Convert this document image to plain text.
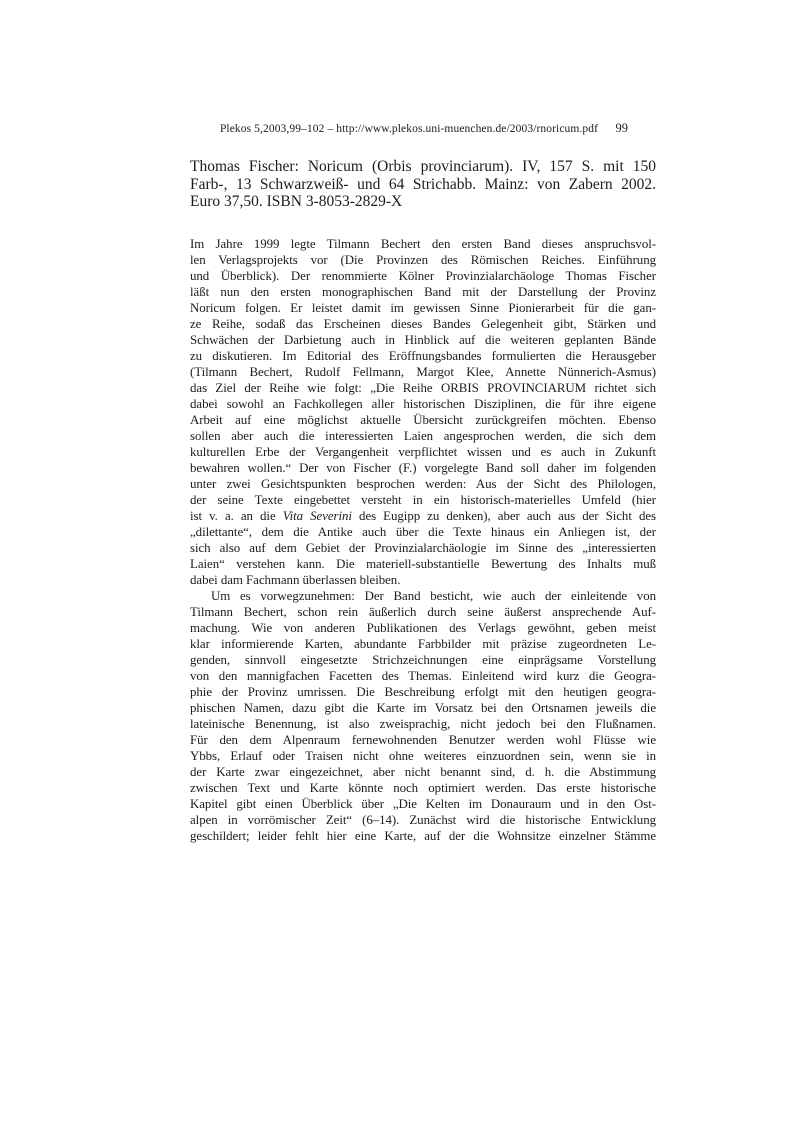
Plekos 5,2003,99–102 – http://www.plekos.uni-muenchen.de/2003/rnoricum.pdf	99
Thomas Fischer: Noricum (Orbis provinciarum). IV, 157 S. mit 150
Farb-, 13 Schwarzweiß- und 64 Strichabb. Mainz: von Zabern 2002.
Euro 37,50. ISBN 3-8053-2829-X
Im Jahre 1999 legte Tilmann Bechert den ersten Band dieses anspruchsvol-
len Verlagsprojekts vor (Die Provinzen des Römischen Reiches. Einführung
und Überblick). Der renommierte Kölner Provinzialarchäologe Thomas Fischer
läßt nun den ersten monographischen Band mit der Darstellung der Provinz
Noricum folgen. Er leistet damit im gewissen Sinne Pionierarbeit für die gan-
ze Reihe, sodaß das Erscheinen dieses Bandes Gelegenheit gibt, Stärken und
Schwächen der Darbietung auch in Hinblick auf die weiteren geplanten Bände
zu diskutieren. Im Editorial des Eröffnungsbandes formulierten die Herausgeber
(Tilmann Bechert, Rudolf Fellmann, Margot Klee, Annette Nünnerich-Asmus)
das Ziel der Reihe wie folgt: „Die Reihe ORBIS PROVINCIARUM richtet sich
dabei sowohl an Fachkollegen aller historischen Disziplinen, die für ihre eigene
Arbeit auf eine möglichst aktuelle Übersicht zurückgreifen möchten. Ebenso
sollen aber auch die interessierten Laien angesprochen werden, die sich dem
kulturellen Erbe der Vergangenheit verpflichtet wissen und es auch in Zukunft
bewahren wollen.“ Der von Fischer (F.) vorgelegte Band soll daher im folgenden
unter zwei Gesichtspunkten besprochen werden: Aus der Sicht des Philologen,
der seine Texte eingebettet versteht in ein historisch-materielles Umfeld (hier
ist v. a. an die Vita Severini des Eugipp zu denken), aber auch aus der Sicht des
„dilettante“, dem die Antike auch über die Texte hinaus ein Anliegen ist, der
sich also auf dem Gebiet der Provinzialarchäologie im Sinne des „interessierten
Laien“ verstehen kann. Die materiell-substantielle Bewertung des Inhalts muß
dabei dam Fachmann überlassen bleiben.
Um es vorwegzunehmen: Der Band besticht, wie auch der einleitende von
Tilmann Bechert, schon rein äußerlich durch seine äußerst ansprechende Auf-
machung. Wie von anderen Publikationen des Verlags gewöhnt, geben meist
klar informierende Karten, abundante Farbbilder mit präzise zugeordneten Le-
genden, sinnvoll eingesetzte Strichzeichnungen eine einprägsame Vorstellung
von den mannigfachen Facetten des Themas. Einleitend wird kurz die Geogra-
phie der Provinz umrissen. Die Beschreibung erfolgt mit den heutigen geogra-
phischen Namen, dazu gibt die Karte im Vorsatz bei den Ortsnamen jeweils die
lateinische Benennung, ist also zweisprachig, nicht jedoch bei den Flußnamen.
Für den dem Alpenraum fernewohnenden Benutzer werden wohl Flüsse wie
Ybbs, Erlauf oder Traisen nicht ohne weiteres einzuordnen sein, wenn sie in
der Karte zwar eingezeichnet, aber nicht benannt sind, d. h. die Abstimmung
zwischen Text und Karte könnte noch optimiert werden. Das erste historische
Kapitel gibt einen Überblick über „Die Kelten im Donauraum und in den Ost-
alpen in vorrömischer Zeit“ (6–14). Zunächst wird die historische Entwicklung
geschildert; leider fehlt hier eine Karte, auf der die Wohnsitze einzelner Stämme
